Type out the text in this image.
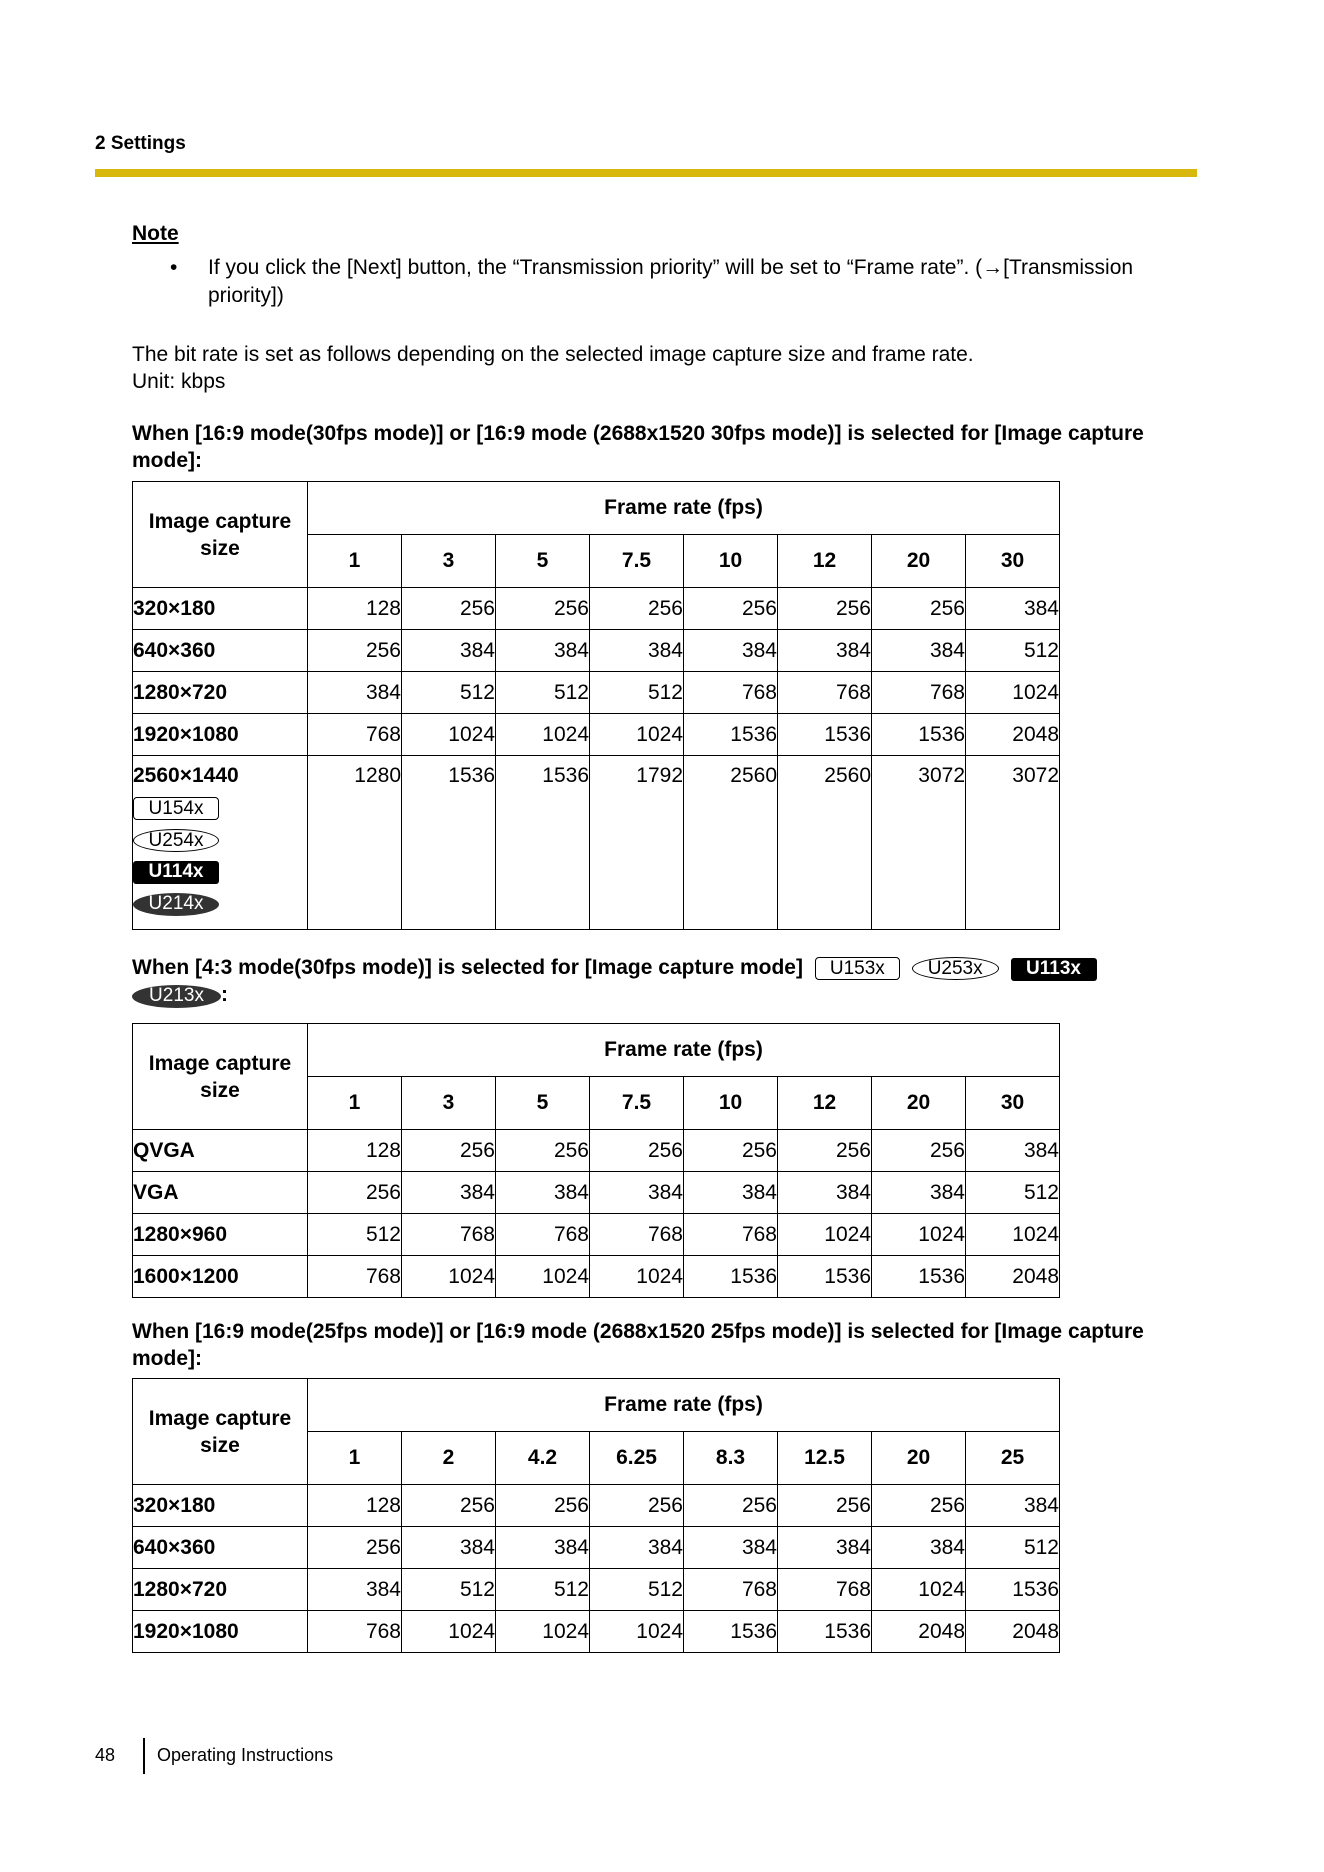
2 Settings
Note
• If you click the [Next] button, the “Transmission priority” will be set to “Frame rate”. (→[Transmission priority])
The bit rate is set as follows depending on the selected image capture size and frame rate.
Unit: kbps
When [16:9 mode(30fps mode)] or [16:9 mode (2688x1520 30fps mode)] is selected for [Image capture mode]:
Image capture size	Frame rate (fps)							
	1	3	5	7.5	10	12	20	30
320×180	128	256	256	256	256	256	256	384
640×360	256	384	384	384	384	384	384	512
1280×720	384	512	512	512	768	768	768	1024
1920×1080	768	1024	1024	1024	1536	1536	1536	2048

2560×1440
U154x
U254x
U114x
U214x	1280	1536	1536	1792	2560	2560	3072	3072
When [4:3 mode(30fps mode)] is selected for [Image capture mode] U153x U253x U113x
U213x :
Image capture size	Frame rate (fps)							
	1	3	5	7.5	10	12	20	30
QVGA	128	256	256	256	256	256	256	384
VGA	256	384	384	384	384	384	384	512
1280×960	512	768	768	768	768	1024	1024	1024
1600×1200	768	1024	1024	1024	1536	1536	1536	2048
When [16:9 mode(25fps mode)] or [16:9 mode (2688x1520 25fps mode)] is selected for [Image capture mode]:
Image capture size	Frame rate (fps)							
	1	2	4.2	6.25	8.3	12.5	20	25
320×180	128	256	256	256	256	256	256	384
640×360	256	384	384	384	384	384	384	512
1280×720	384	512	512	512	768	768	1024	1536
1920×1080	768	1024	1024	1024	1536	1536	2048	2048
48 Operating Instructions
